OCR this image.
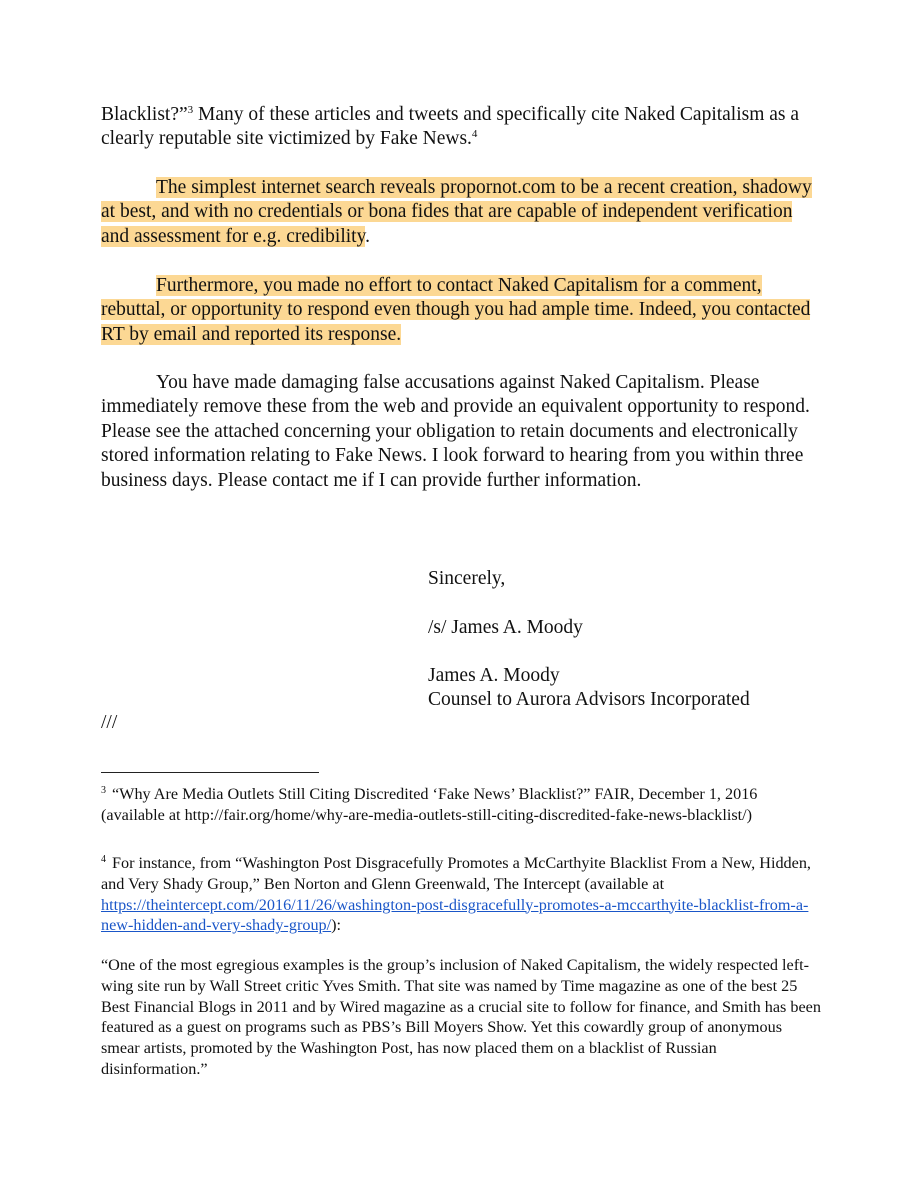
Blacklist?”$^3$ Many of these articles and tweets and specifically cite Naked Capitalism as a clearly reputable site victimized by Fake News.$^4$
The simplest internet search reveals propornot.com to be a recent creation, shadowy at best, and with no credentials or bona fides that are capable of independent verification and assessment for e.g. credibility.
Furthermore, you made no effort to contact Naked Capitalism for a comment, rebuttal, or opportunity to respond even though you had ample time. Indeed, you contacted RT by email and reported its response.
You have made damaging false accusations against Naked Capitalism. Please immediately remove these from the web and provide an equivalent opportunity to respond. Please see the attached concerning your obligation to retain documents and electronically stored information relating to Fake News. I look forward to hearing from you within three business days. Please contact me if I can provide further information.
Sincerely,
/s/ James A. Moody
James A. Moody
Counsel to Aurora Advisors Incorporated
///
$^3$ “Why Are Media Outlets Still Citing Discredited ‘Fake News’ Blacklist?” FAIR, December 1, 2016 (available at http://fair.org/home/why-are-media-outlets-still-citing-discredited-fake-news-blacklist/)
$^4$ For instance, from “Washington Post Disgracefully Promotes a McCarthyite Blacklist From a New, Hidden, and Very Shady Group,” Ben Norton and Glenn Greenwald, The Intercept (available at https://theintercept.com/2016/11/26/washington-post-disgracefully-promotes-a-mccarthyite-blacklist-from-a-new-hidden-and-very-shady-group/):
“One of the most egregious examples is the group’s inclusion of Naked Capitalism, the widely respected left-wing site run by Wall Street critic Yves Smith. That site was named by Time magazine as one of the best 25 Best Financial Blogs in 2011 and by Wired magazine as a crucial site to follow for finance, and Smith has been featured as a guest on programs such as PBS’s Bill Moyers Show. Yet this cowardly group of anonymous smear artists, promoted by the Washington Post, has now placed them on a blacklist of Russian disinformation.”
